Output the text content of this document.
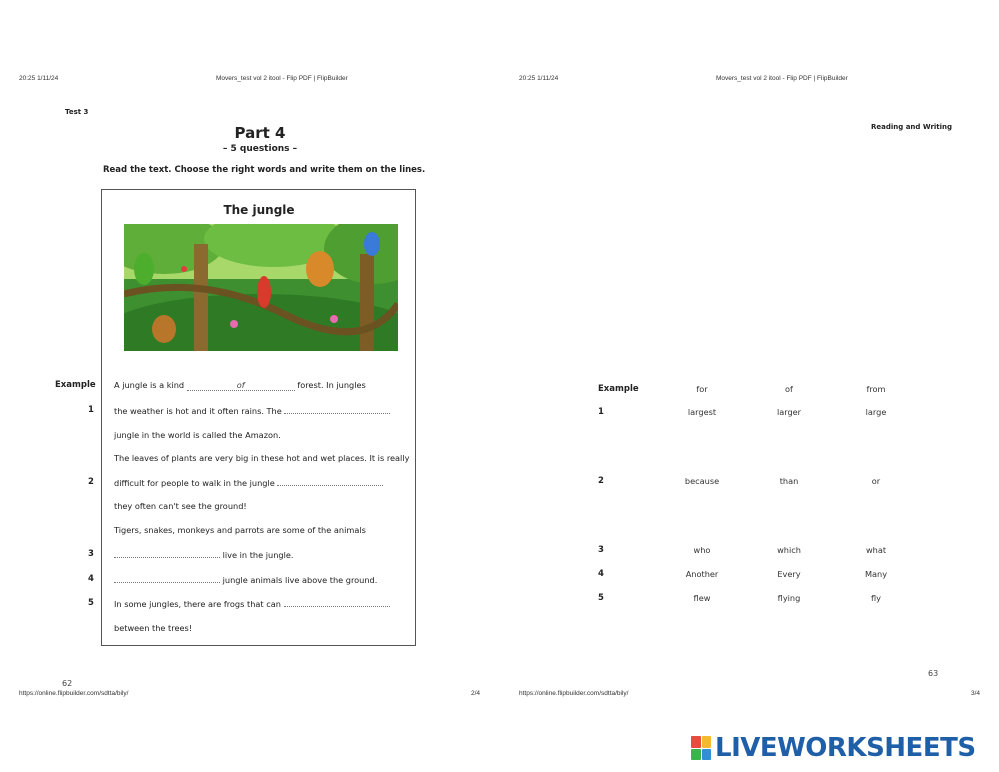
20:25 1/11/24	Movers_test vol 2 itool - Flip PDF | FlipBuilder
Test 3
Part 4
– 5 questions –
Read the text. Choose the right words and write them on the lines.
The jungle
Example A jungle is a kind	of	forest. In jungles
1 the weather is hot and it often rains. The
jungle in the world is called the Amazon.
The leaves of plants are very big in these hot and wet places. It is really
2 difficult for people to walk in the jungle
they often can't see the ground!
Tigers, snakes, monkeys and parrots are some of the animals
3	live in the jungle.
4	jungle animals live above the ground.
5 In some jungles, there are frogs that can
between the trees!
62
https://online.flipbuilder.com/sdtta/bily/	2/4
20:25 1/11/24	Movers_test vol 2 itool - Flip PDF | FlipBuilder
Reading and Writing
Example	for	of	from
1	largest	larger	large
2	because	than	or
3	who	which	what
4	Another	Every	Many
5	flew	flying	fly
63
https://online.flipbuilder.com/sdtta/bily/	3/4
LIVEWORKSHEETS
